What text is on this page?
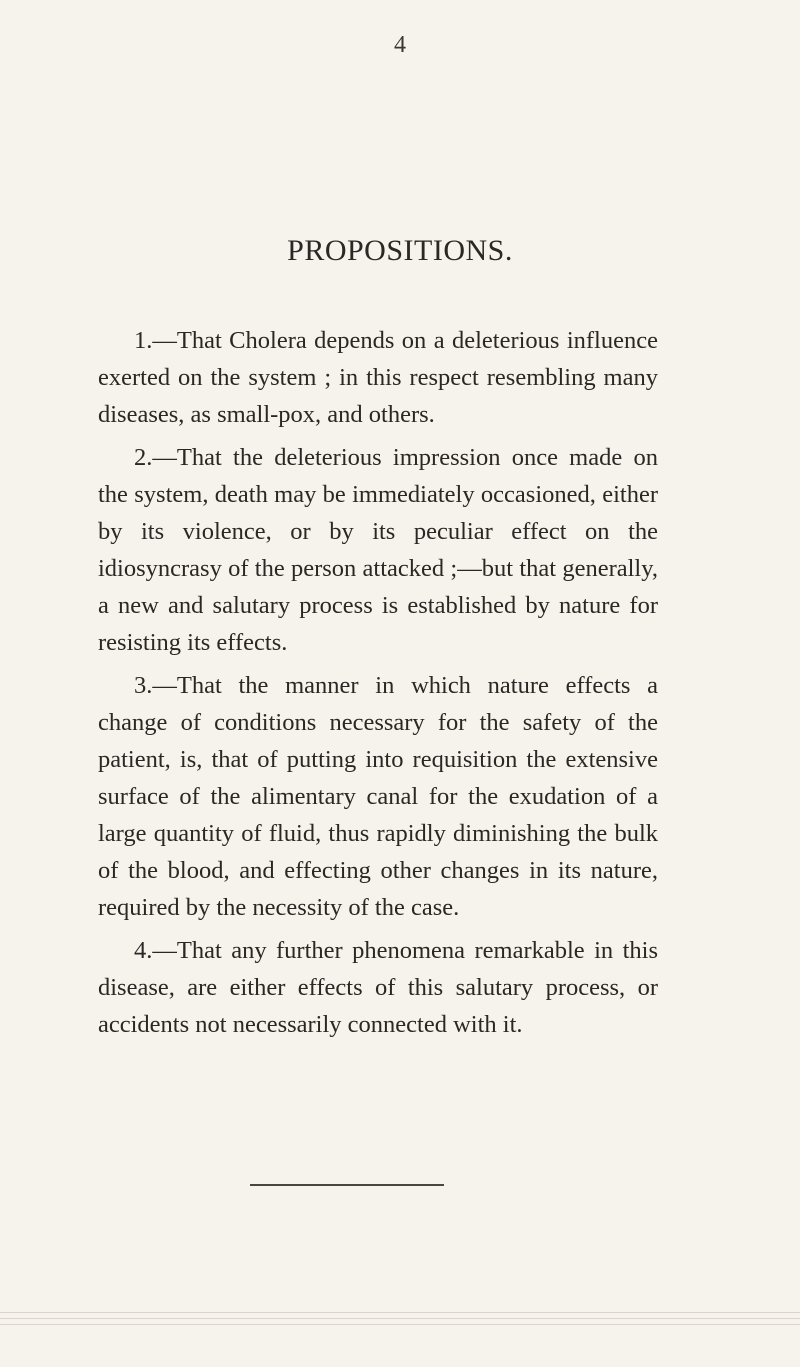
4
PROPOSITIONS.

1.—That Cholera depends on a deleterious influence exerted on the system ; in this respect resembling many diseases, as small-pox, and others.

2.—That the deleterious impression once made on the system, death may be immediately occasioned, either by its violence, or by its peculiar effect on the idiosyncrasy of the person attacked ;—but that generally, a new and salutary process is established by nature for resisting its effects.

3.—That the manner in which nature effects a change of conditions necessary for the safety of the patient, is, that of putting into requisition the extensive surface of the alimentary canal for the exudation of a large quantity of fluid, thus rapidly diminishing the bulk of the blood, and effecting other changes in its nature, required by the necessity of the case.

4.—That any further phenomena remarkable in this disease, are either effects of this salutary process, or accidents not necessarily connected with it.
